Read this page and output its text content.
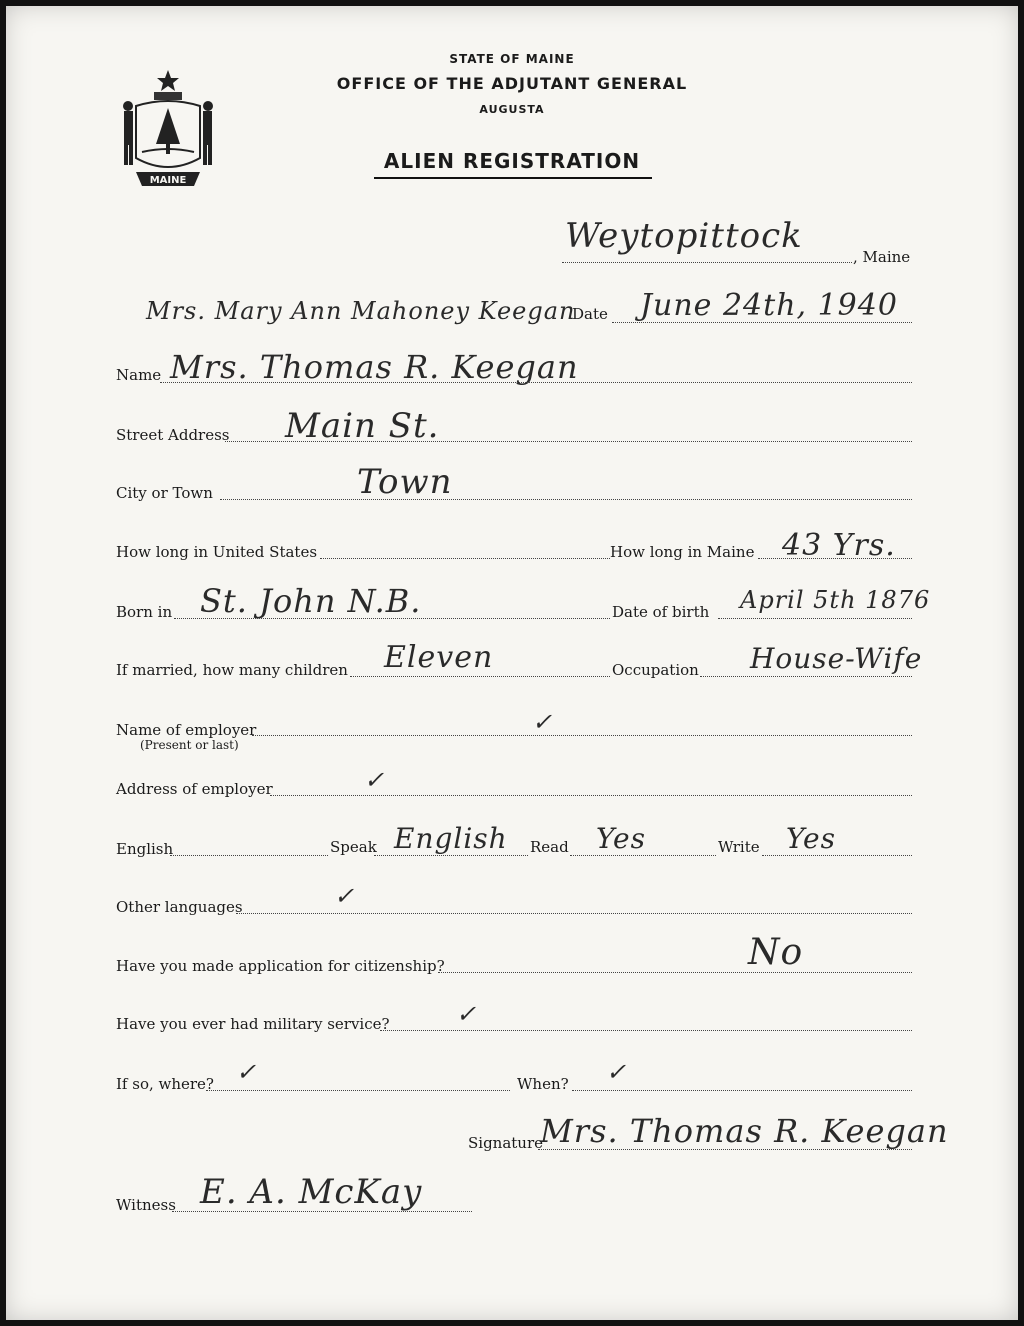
MAINE
STATE OF MAINE
OFFICE OF THE ADJUTANT GENERAL
AUGUSTA
ALIEN REGISTRATION
Weytopittock
, Maine
Mrs. Mary Ann Mahoney Keegan
Date June 24th, 1940
Name Mrs. Thomas R. Keegan
Street Address Main St.
City or Town	Town
How long in United States	How long in Maine 43 Yrs.
Born in St. John N.B.	Date of birth April 5th 1876
If married, how many children Eleven	Occupation House-Wife
Name of employer
(Present or last)
✓
Address of employer	✓
English	Speak English Read Yes	Write Yes
Other languages	✓
Have you made application for citizenship?	No
Have you ever had military service?	✓
If so, where? ✓	When? ✓
Signature
Mrs. Thomas R. Keegan
Witness E. A. McKay
